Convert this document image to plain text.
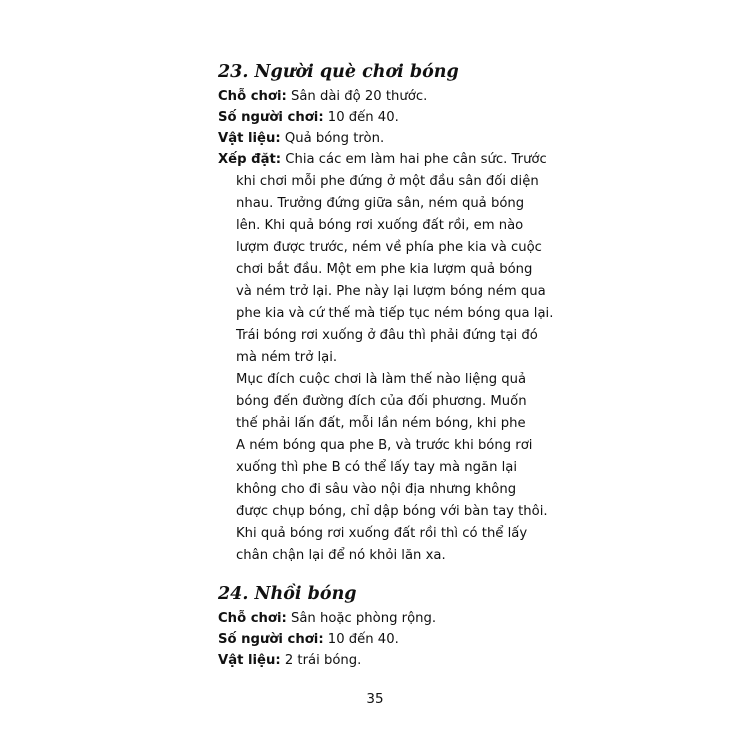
23. Người què chơi bóng

Chỗ chơi: Sân dài độ 20 thước.

Số người chơi: 10 đến 40.

Vật liệu: Quả bóng tròn.

Xếp đặt: Chia các em làm hai phe cân sức. Trước

khi chơi mỗi phe đứng ở một đầu sân đối diện

nhau. Trưởng đứng giữa sân, ném quả bóng

lên. Khi quả bóng rơi xuống đất rồi, em nào

lượm được trước, ném về phía phe kia và cuộc

chơi bắt đầu. Một em phe kia lượm quả bóng

và ném trở lại. Phe này lại lượm bóng ném qua

phe kia và cứ thế mà tiếp tục ném bóng qua lại.

Trái bóng rơi xuống ở đâu thì phải đứng tại đó

mà ném trở lại.

Mục đích cuộc chơi là làm thế nào liệng quả

bóng đến đường đích của đối phương. Muốn

thế phải lấn đất, mỗi lần ném bóng, khi phe

A ném bóng qua phe B, và trước khi bóng rơi

xuống thì phe B có thể lấy tay mà ngăn lại

không cho đi sâu vào nội địa nhưng không

được chụp bóng, chỉ dập bóng với bàn tay thôi.

Khi quả bóng rơi xuống đất rồi thì có thể lấy

chân chận lại để nó khỏi lăn xa.

24. Nhồi bóng

Chỗ chơi: Sân hoặc phòng rộng.

Số người chơi: 10 đến 40.

Vật liệu: 2 trái bóng.

35
